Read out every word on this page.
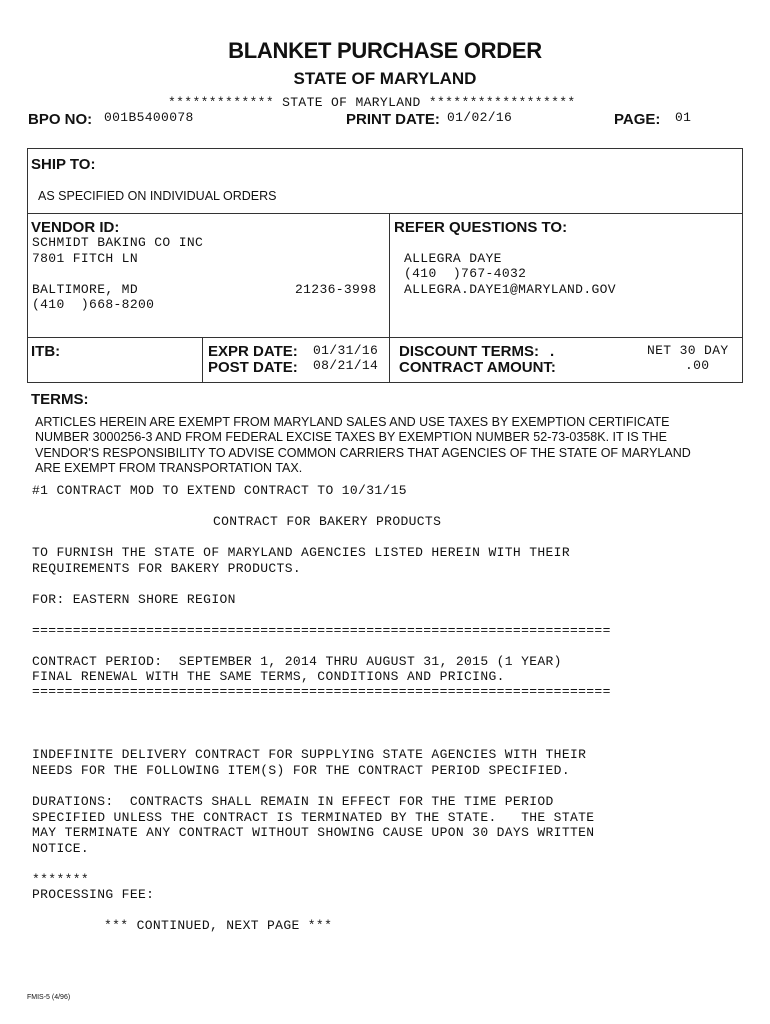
BLANKET PURCHASE ORDER
STATE OF MARYLAND
************* STATE OF MARYLAND ******************
BPO NO: 001B5400078	PRINT DATE: 01/02/16	PAGE: 01
SHIP TO:
AS SPECIFIED ON INDIVIDUAL ORDERS
VENDOR ID:
SCHMIDT BAKING CO INC
7801 FITCH LN
BALTIMORE, MD	21236-3998
(410  )668-8200
REFER QUESTIONS TO:
ALLEGRA DAYE
(410  )767-4032
ALLEGRA.DAYE1@MARYLAND.GOV
ITB:	EXPR DATE: 01/31/16
POST DATE: 08/21/14
DISCOUNT TERMS: .	NET 30 DAY
CONTRACT AMOUNT:	.00
TERMS:
ARTICLES HEREIN ARE EXEMPT FROM MARYLAND SALES AND USE TAXES BY EXEMPTION CERTIFICATE
NUMBER 3000256-3 AND FROM FEDERAL EXCISE TAXES BY EXEMPTION NUMBER 52-73-0358K. IT IS THE
VENDOR'S RESPONSIBILITY TO ADVISE COMMON CARRIERS THAT AGENCIES OF THE STATE OF MARYLAND
ARE EXEMPT FROM TRANSPORTATION TAX.
#1 CONTRACT MOD TO EXTEND CONTRACT TO 10/31/15
CONTRACT FOR BAKERY PRODUCTS
TO FURNISH THE STATE OF MARYLAND AGENCIES LISTED HEREIN WITH THEIR
REQUIREMENTS FOR BAKERY PRODUCTS.
FOR: EASTERN SHORE REGION
=======================================================================
CONTRACT PERIOD:  SEPTEMBER 1, 2014 THRU AUGUST 31, 2015 (1 YEAR)
FINAL RENEWAL WITH THE SAME TERMS, CONDITIONS AND PRICING.
=======================================================================
INDEFINITE DELIVERY CONTRACT FOR SUPPLYING STATE AGENCIES WITH THEIR
NEEDS FOR THE FOLLOWING ITEM(S) FOR THE CONTRACT PERIOD SPECIFIED.
DURATIONS:  CONTRACTS SHALL REMAIN IN EFFECT FOR THE TIME PERIOD
SPECIFIED UNLESS THE CONTRACT IS TERMINATED BY THE STATE.   THE STATE
MAY TERMINATE ANY CONTRACT WITHOUT SHOWING CAUSE UPON 30 DAYS WRITTEN
NOTICE.
*******
PROCESSING FEE:
*** CONTINUED, NEXT PAGE ***
FMIS-5 (4/96)
